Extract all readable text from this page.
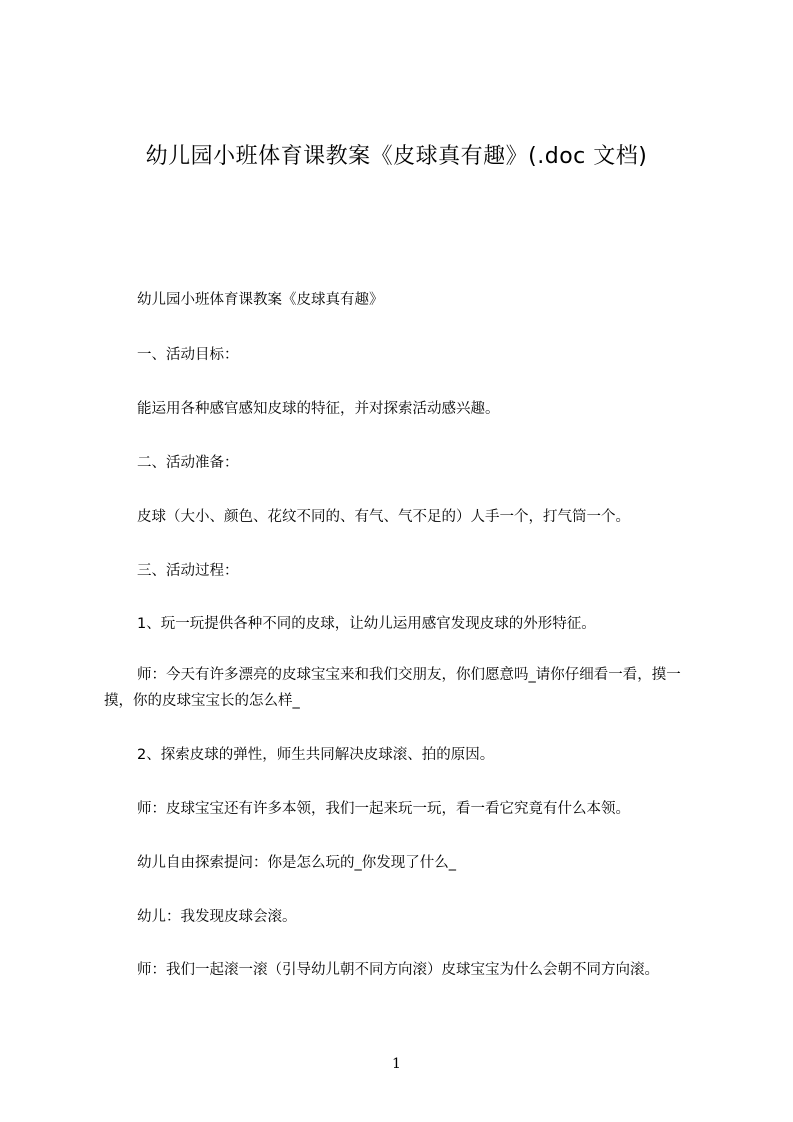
幼儿园小班体育课教案《皮球真有趣》(.doc 文档)
幼儿园小班体育课教案《皮球真有趣》
一、活动目标：
能运用各种感官感知皮球的特征，并对探索活动感兴趣。
二、活动准备：
皮球（大小、颜色、花纹不同的、有气、气不足的）人手一个，打气筒一个。
三、活动过程：
1、玩一玩提供各种不同的皮球，让幼儿运用感官发现皮球的外形特征。
师：今天有许多漂亮的皮球宝宝来和我们交朋友，你们愿意吗_请你仔细看一看，摸一摸，你的皮球宝宝长的怎么样_
2、探索皮球的弹性，师生共同解决皮球滚、拍的原因。
师：皮球宝宝还有许多本领，我们一起来玩一玩，看一看它究竟有什么本领。
幼儿自由探索提问：你是怎么玩的_你发现了什么_
幼儿：我发现皮球会滚。
师：我们一起滚一滚（引导幼儿朝不同方向滚）皮球宝宝为什么会朝不同方向滚。
1
